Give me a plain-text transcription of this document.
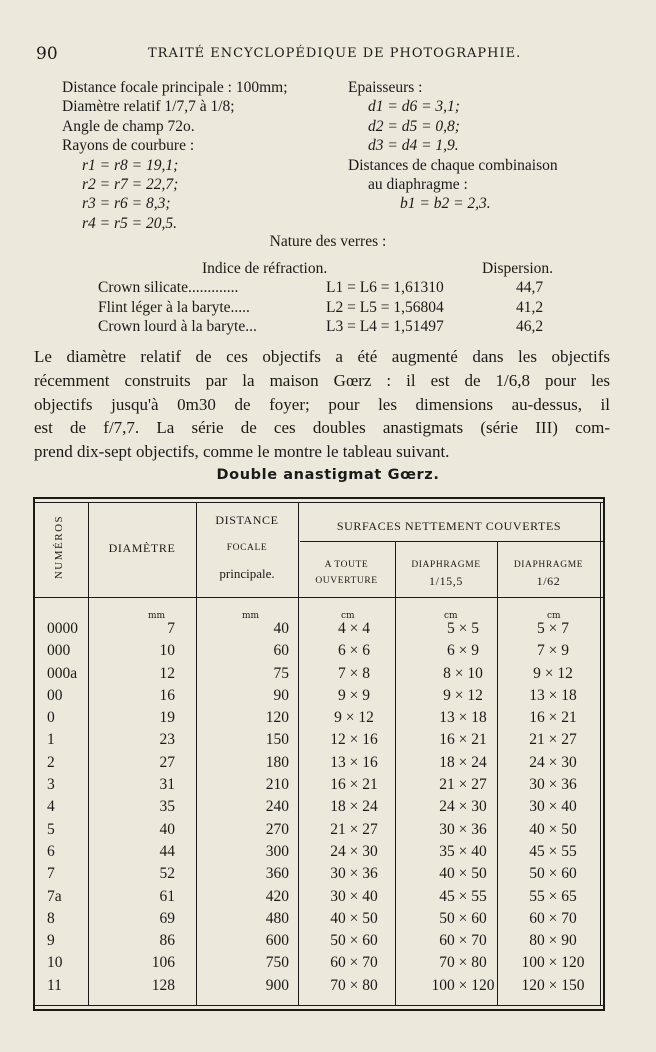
90	TRAITÉ ENCYCLOPÉDIQUE DE PHOTOGRAPHIE.
Distance focale principale : 100mm;
Diamètre relatif 1/7,7 à 1/8;
Angle de champ 72o.
Rayons de courbure :
r1 = r8 = 19,1;
r2 = r7 = 22,7;
r3 = r6 = 8,3;
r4 = r5 = 20,5.
Epaisseurs :
d1 = d6 = 3,1;
d2 = d5 = 0,8;
d3 = d4 = 1,9.
Distances de chaque combinaison
au diaphragme :
b1 = b2 = 2,3.
Nature des verres :
Indice de réfraction.	Dispersion.
Crown silicate.............	L1 = L6 = 1,61310	44,7
Flint léger à la baryte.....	L2 = L5 = 1,56804	41,2
Crown lourd à la baryte...	L3 = L4 = 1,51497	46,2
Le diamètre relatif de ces objectifs a été augmenté dans les objectifs
récemment construits par la maison Gœrz : il est de 1/6,8 pour les
objectifs jusqu'à 0m30 de foyer; pour les dimensions au-dessus, il
est de f/7,7. La série de ces doubles anastigmats (série III) com-
prend dix-sept objectifs, comme le montre le tableau suivant.
Double anastigmat Gœrz.
NUMÉROS	DIAMÈTRE
DISTANCE
FOCALE
principale.
SURFACES NETTEMENT COUVERTES
A TOUTE
OUVERTURE
DIAPHRAGME
1/15,5
DIAPHRAGME
1/62
mm	mm	cm	cm	cm
0000	7	40	4 × 4	5 × 5	5 × 7
000	10	60	6 × 6	6 × 9	7 × 9
000a	12	75	7 × 8	8 × 10	9 × 12
00	16	90	9 × 9	9 × 12	13 × 18
0	19	120	9 × 12	13 × 18	16 × 21
1	23	150	12 × 16	16 × 21	21 × 27
2	27	180	13 × 16	18 × 24	24 × 30
3	31	210	16 × 21	21 × 27	30 × 36
4	35	240	18 × 24	24 × 30	30 × 40
5	40	270	21 × 27	30 × 36	40 × 50
6	44	300	24 × 30	35 × 40	45 × 55
7	52	360	30 × 36	40 × 50	50 × 60
7a	61	420	30 × 40	45 × 55	55 × 65
8	69	480	40 × 50	50 × 60	60 × 70
9	86	600	50 × 60	60 × 70	80 × 90
10	106	750	60 × 70	70 × 80	100 × 120
11	128	900	70 × 80	100 × 120	120 × 150
